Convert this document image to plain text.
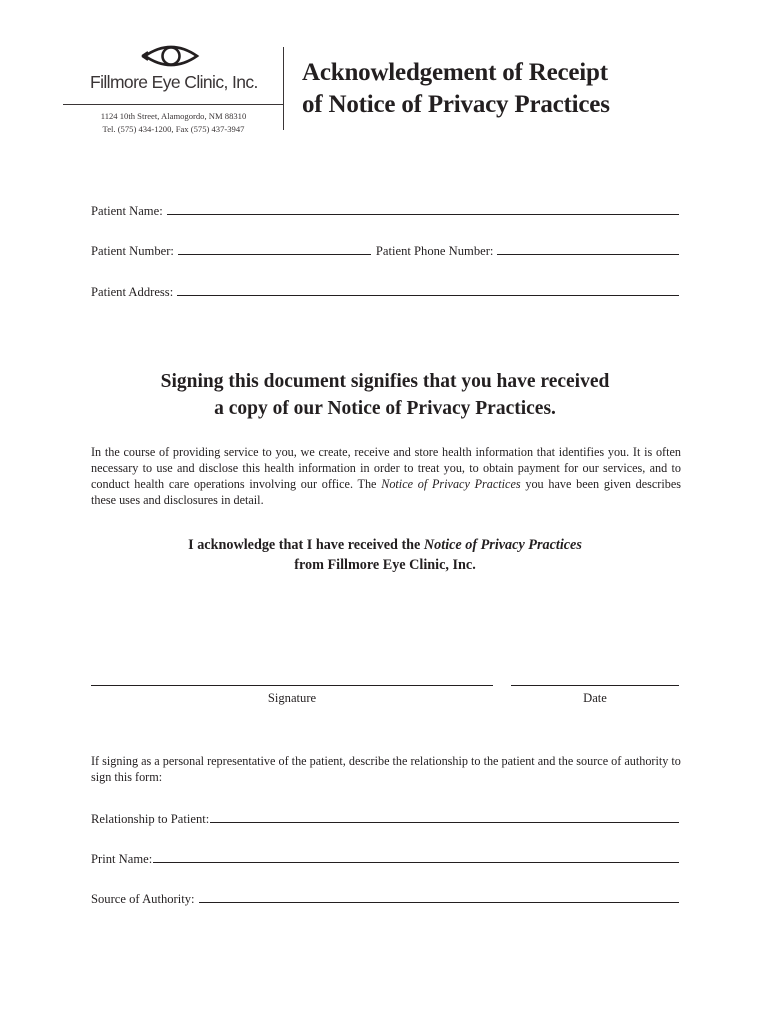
Fillmore Eye Clinic, Inc.
1124 10th Street, Alamogordo, NM 88310
Tel. (575) 434-1200, Fax (575) 437-3947
Acknowledgement of Receipt
of Notice of Privacy Practices
Patient Name:
Patient Number:	Patient Phone Number:
Patient Address:
Signing this document signifies that you have received
a copy of our Notice of Privacy Practices.
In the course of providing service to you, we create, receive and store health information that identifies you. It is often necessary to use and disclose this health information in order to treat you, to obtain payment for our services, and to conduct health care operations involving our office. The Notice of Privacy Practices you have been given describes these uses and disclosures in detail.
I acknowledge that I have received the Notice of Privacy Practices
from Fillmore Eye Clinic, Inc.
Signature	Date
If signing as a personal representative of the patient, describe the relationship to the patient and the source of authority to sign this form:
Relationship to Patient:
Print Name:
Source of Authority:
